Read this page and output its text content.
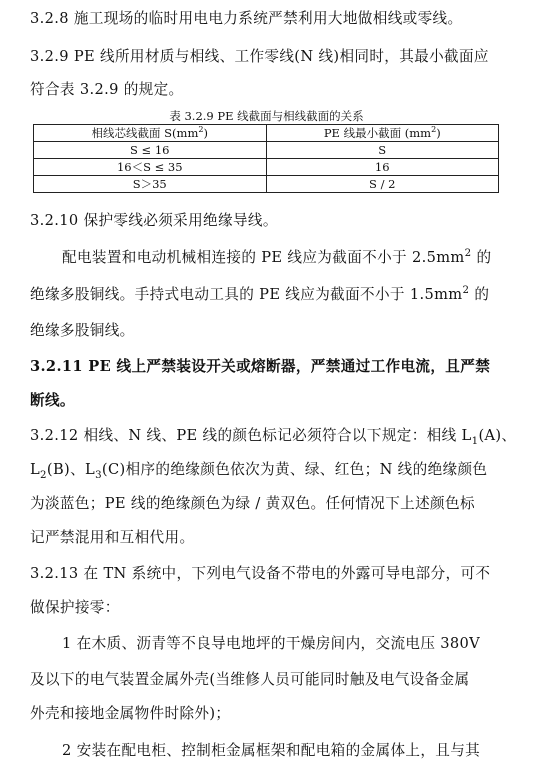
3.2.8 施工现场的临时用电电力系统严禁利用大地做相线或零线。
3.2.9 PE 线所用材质与相线、工作零线(N 线)相同时，其最小截面应
符合表 3.2.9 的规定。
表 3.2.9 PE 线截面与相线截面的关系
相线芯线截面 $S(mm^2)$	PE 线最小截面 $(mm^2)$
S ≤ 16	S
16＜S ≤ 35	16
S＞35	S / 2
3.2.10 保护零线必须采用绝缘导线。
配电装置和电动机械相连接的 PE 线应为截面不小于 $2.5mm^2$ 的
绝缘多股铜线。手持式电动工具的 PE 线应为截面不小于 $1.5mm^2$ 的
绝缘多股铜线。
3.2.11 PE 线上严禁装设开关或熔断器，严禁通过工作电流，且严禁
断线。
3.2.12 相线、N 线、PE 线的颜色标记必须符合以下规定：相线 $L_1(A)$、
$L_2(B)$、$L_3(C)$相序的绝缘颜色依次为黄、绿、红色；N 线的绝缘颜色
为淡蓝色；PE 线的绝缘颜色为绿 / 黄双色。任何情况下上述颜色标
记严禁混用和互相代用。
3.2.13 在 TN 系统中，下列电气设备不带电的外露可导电部分，可不
做保护接零：
1 在木质、沥青等不良导电地坪的干燥房间内，交流电压 380V
及以下的电气装置金属外壳(当维修人员可能同时触及电气设备金属
外壳和接地金属物件时除外)；
2 安装在配电柜、控制柜金属框架和配电箱的金属体上，且与其
